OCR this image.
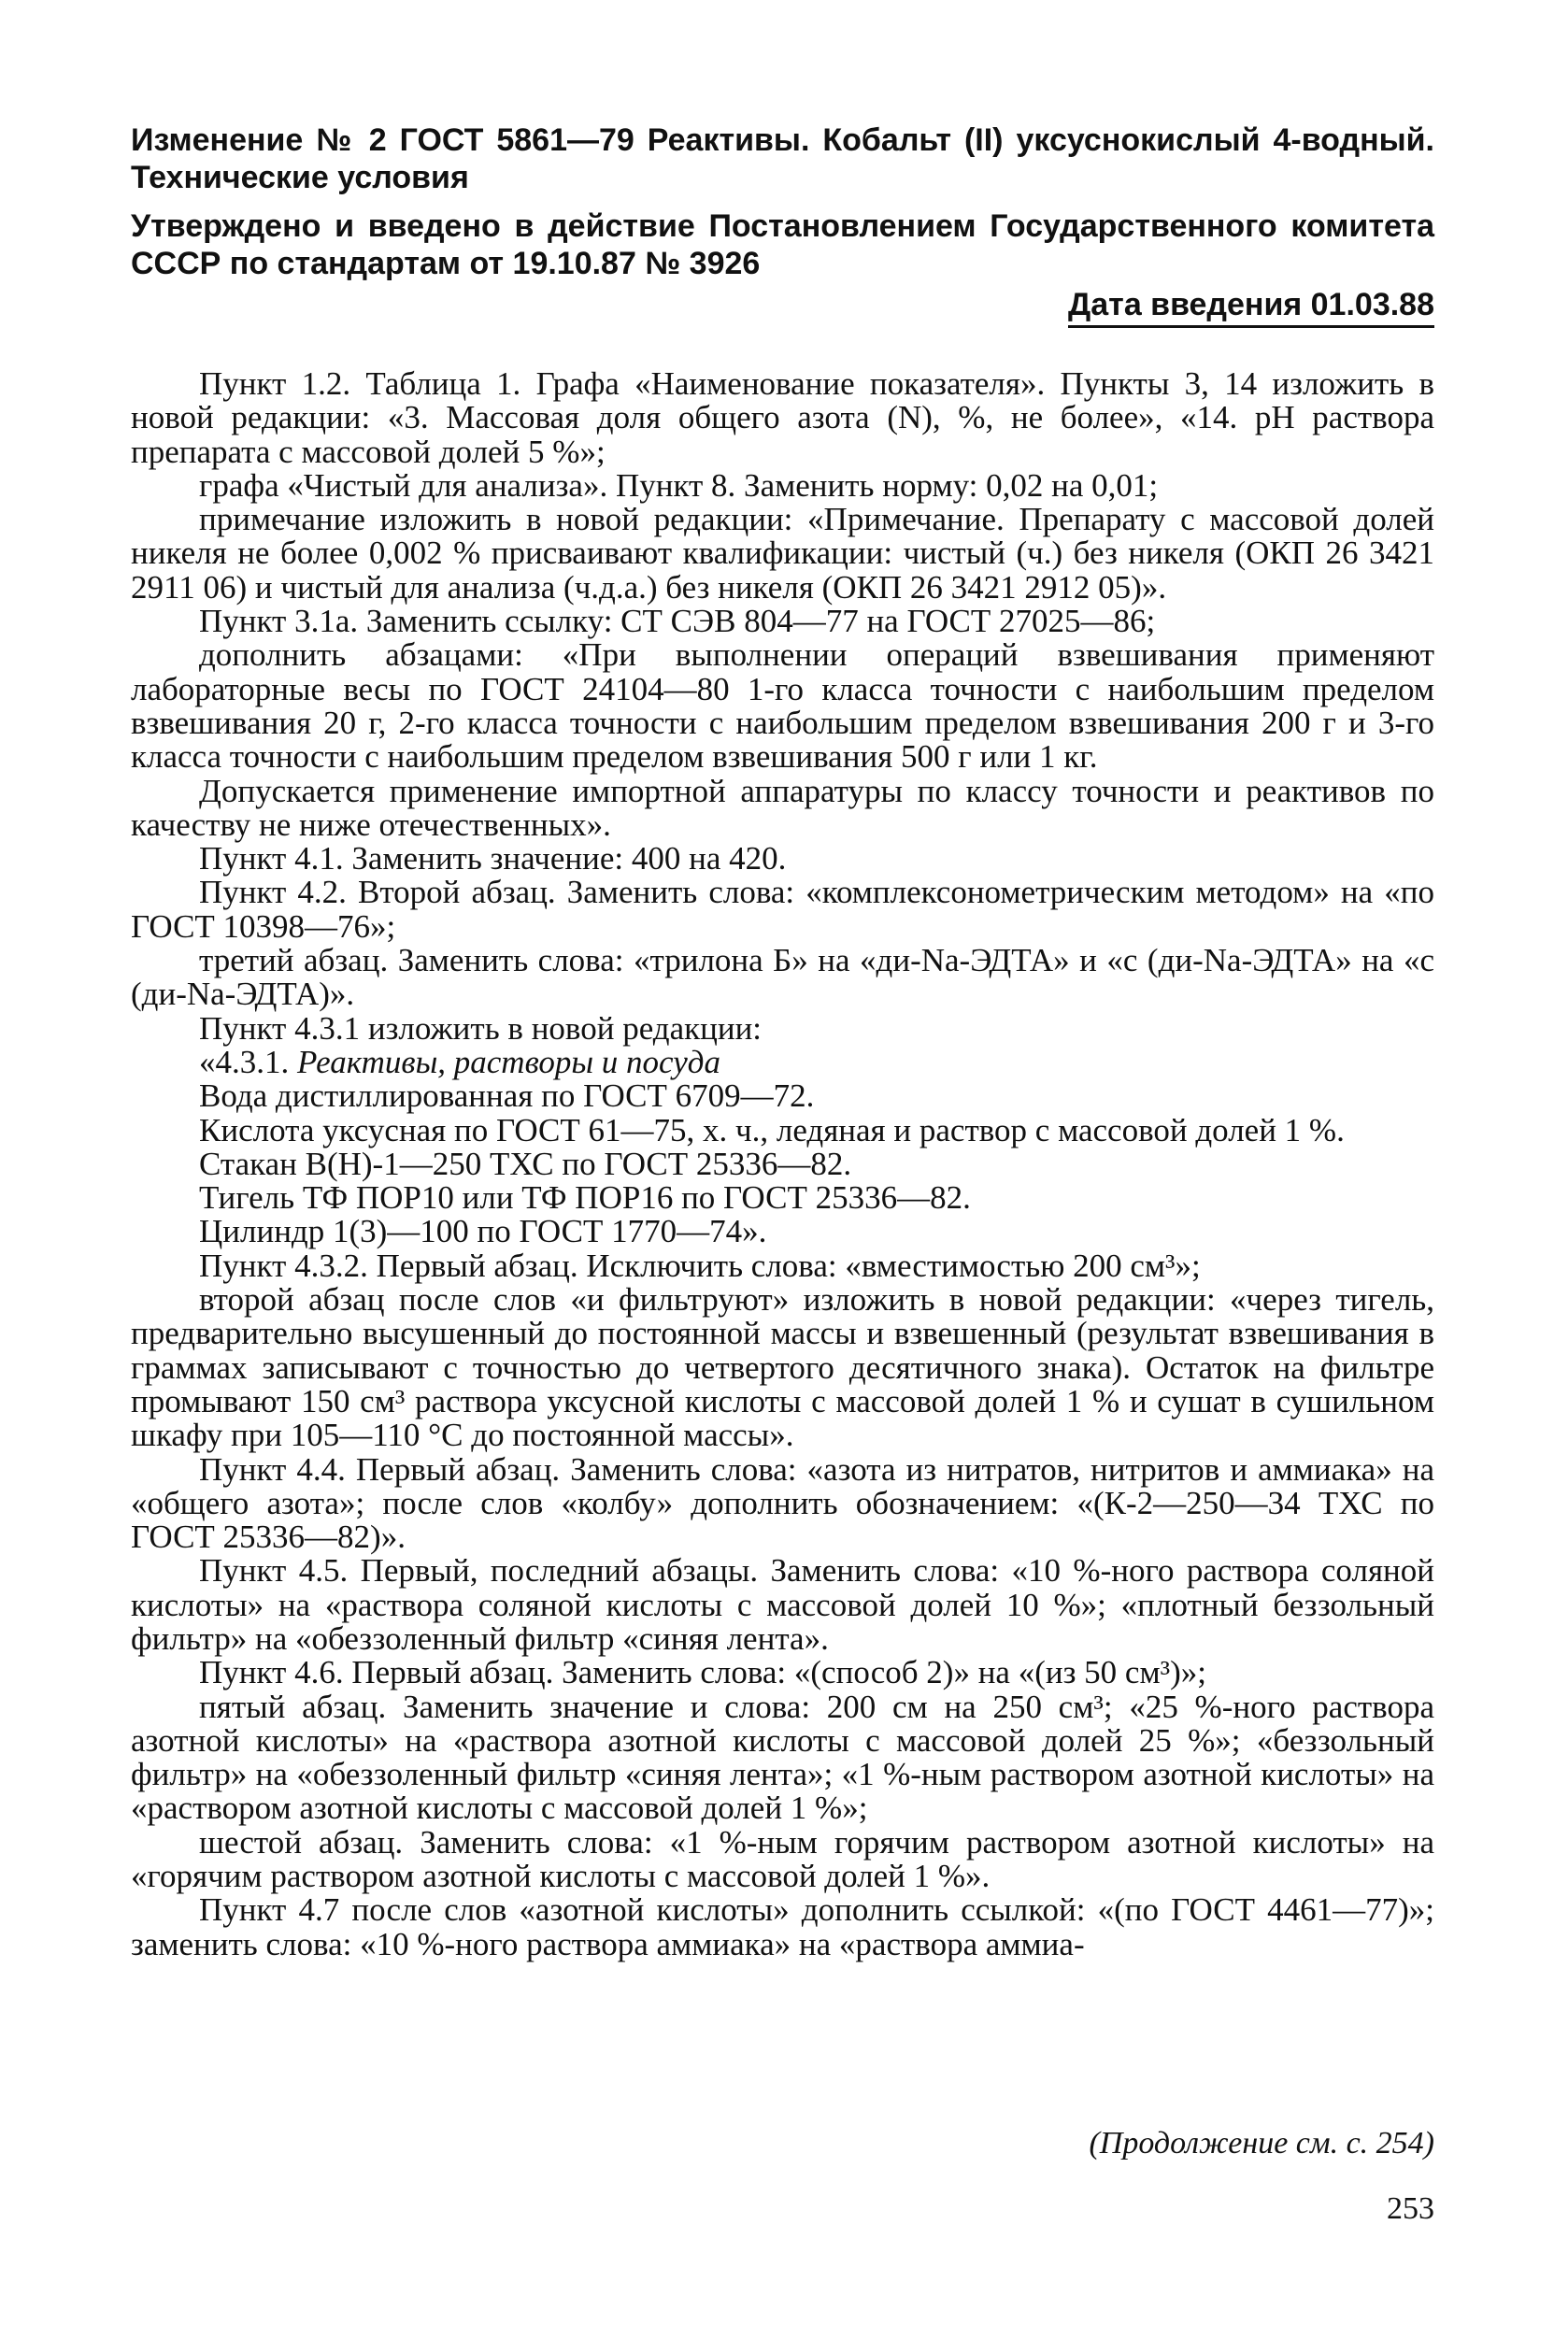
Изменение № 2 ГОСТ 5861—79 Реактивы. Кобальт (II) уксуснокислый 4-водный. Технические условия
Утверждено и введено в действие Постановлением Государственного комитета СССР по стандартам от 19.10.87 № 3926
Дата введения 01.03.88

Пункт 1.2. Таблица 1. Графа «Наименование показателя». Пункты 3, 14 изложить в новой редакции: «3. Массовая доля общего азота (N), %, не более», «14. pH раствора препарата с массовой долей 5 %»;

графа «Чистый для анализа». Пункт 8. Заменить норму: 0,02 на 0,01;

примечание изложить в новой редакции: «Примечание. Препарату с массовой долей никеля не более 0,002 % присваивают квалификации: чистый (ч.) без никеля (ОКП 26 3421 2911 06) и чистый для анализа (ч.д.а.) без никеля (ОКП 26 3421 2912 05)».

Пункт 3.1а. Заменить ссылку: СТ СЭВ 804—77 на ГОСТ 27025—86;

дополнить абзацами: «При выполнении операций взвешивания применяют лабораторные весы по ГОСТ 24104—80 1-го класса точности с наибольшим пределом взвешивания 20 г, 2-го класса точности с наибольшим пределом взвешивания 200 г и 3-го класса точности с наибольшим пределом взвешивания 500 г или 1 кг.

Допускается применение импортной аппаратуры по классу точности и реактивов по качеству не ниже отечественных».

Пункт 4.1. Заменить значение: 400 на 420.

Пункт 4.2. Второй абзац. Заменить слова: «комплексонометрическим методом» на «по ГОСТ 10398—76»;

третий абзац. Заменить слова: «трилона Б» на «ди-Na-ЭДТА» и «с (ди-Na-ЭДТА» на «с (ди-Na-ЭДТА)».

Пункт 4.3.1 изложить в новой редакции:

«4.3.1. Реактивы, растворы и посуда

Вода дистиллированная по ГОСТ 6709—72.

Кислота уксусная по ГОСТ 61—75, х. ч., ледяная и раствор с массовой долей 1 %.

Стакан В(Н)-1—250 ТХС по ГОСТ 25336—82.

Тигель ТФ ПОР10 или ТФ ПОР16 по ГОСТ 25336—82.

Цилиндр 1(3)—100 по ГОСТ 1770—74».

Пункт 4.3.2. Первый абзац. Исключить слова: «вместимостью 200 см³»;

второй абзац после слов «и фильтруют» изложить в новой редакции: «через тигель, предварительно высушенный до постоянной массы и взвешенный (результат взвешивания в граммах записывают с точностью до четвертого десятичного знака). Остаток на фильтре промывают 150 см³ раствора уксусной кислоты с массовой долей 1 % и сушат в сушильном шкафу при 105—110 °С до постоянной массы».

Пункт 4.4. Первый абзац. Заменить слова: «азота из нитратов, нитритов и аммиака» на «общего азота»; после слов «колбу» дополнить обозначением: «(К-2—250—34 ТХС по ГОСТ 25336—82)».

Пункт 4.5. Первый, последний абзацы. Заменить слова: «10 %-ного раствора соляной кислоты» на «раствора соляной кислоты с массовой долей 10 %»; «плотный беззольный фильтр» на «обеззоленный фильтр «синяя лента».

Пункт 4.6. Первый абзац. Заменить слова: «(способ 2)» на «(из 50 см³)»;

пятый абзац. Заменить значение и слова: 200 см на 250 см³; «25 %-ного раствора азотной кислоты» на «раствора азотной кислоты с массовой долей 25 %»; «беззольный фильтр» на «обеззоленный фильтр «синяя лента»; «1 %-ным раствором азотной кислоты» на «раствором азотной кислоты с массовой долей 1 %»;

шестой абзац. Заменить слова: «1 %-ным горячим раствором азотной кислоты» на «горячим раствором азотной кислоты с массовой долей 1 %».

Пункт 4.7 после слов «азотной кислоты» дополнить ссылкой: «(по ГОСТ 4461—77)»; заменить слова: «10 %-ного раствора аммиака» на «раствора аммиа-

(Продолжение см. с. 254)
253
